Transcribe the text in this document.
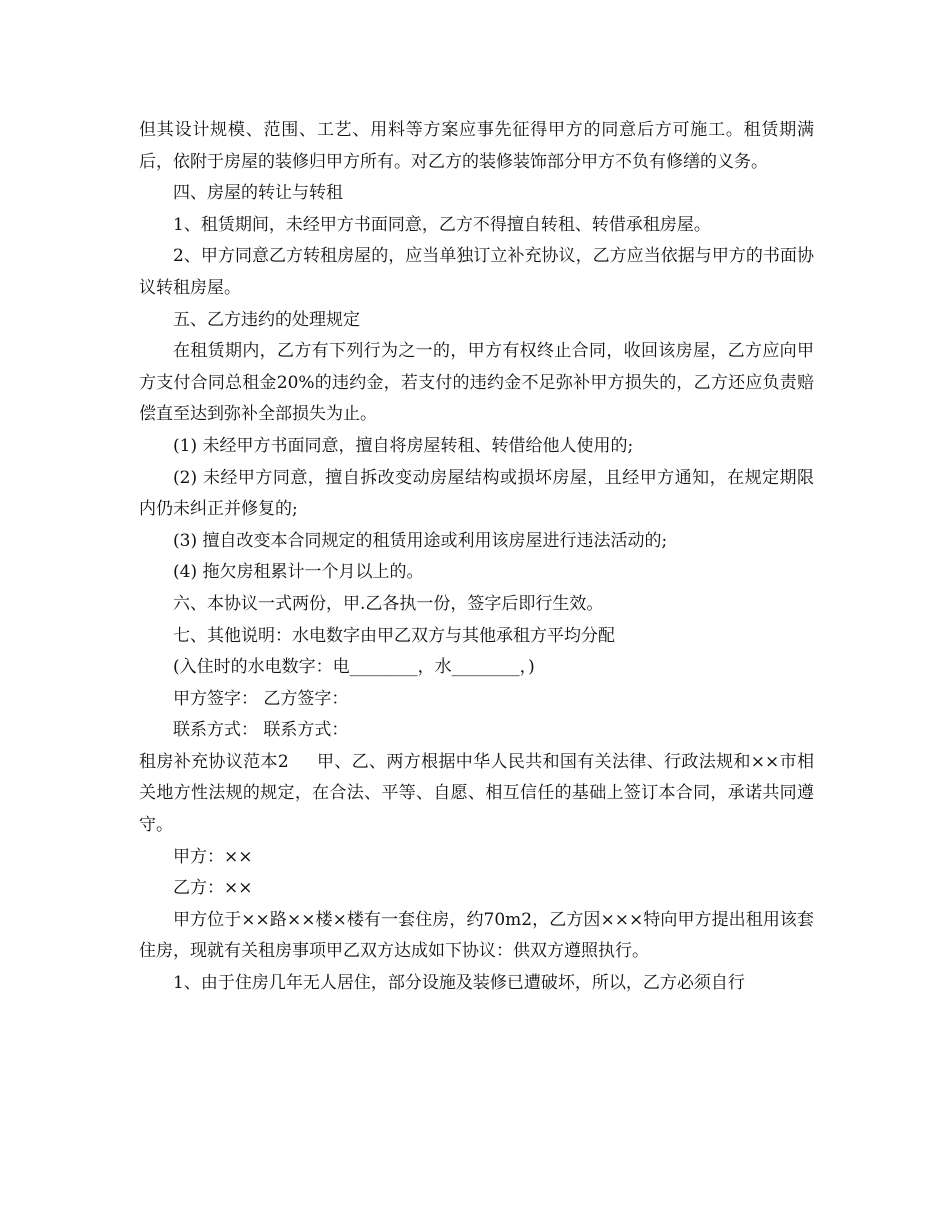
但其设计规模、范围、工艺、用料等方案应事先征得甲方的同意后方可施工。租赁期满后，依附于房屋的装修归甲方所有。对乙方的装修装饰部分甲方不负有修缮的义务。

四、房屋的转让与转租

1、租赁期间，未经甲方书面同意，乙方不得擅自转租、转借承租房屋。

2、甲方同意乙方转租房屋的，应当单独订立补充协议，乙方应当依据与甲方的书面协议转租房屋。

五、乙方违约的处理规定

在租赁期内，乙方有下列行为之一的，甲方有权终止合同，收回该房屋，乙方应向甲方支付合同总租金20%的违约金，若支付的违约金不足弥补甲方损失的，乙方还应负责赔偿直至达到弥补全部损失为止。

(1) 未经甲方书面同意，擅自将房屋转租、转借给他人使用的;

(2) 未经甲方同意，擅自拆改变动房屋结构或损坏房屋，且经甲方通知，在规定期限内仍未纠正并修复的;

(3) 擅自改变本合同规定的租赁用途或利用该房屋进行违法活动的;

(4) 拖欠房租累计一个月以上的。

六、本协议一式两份，甲.乙各执一份，签字后即行生效。

七、其他说明：水电数字由甲乙双方与其他承租方平均分配

(入住时的水电数字：电________，水________，)

甲方签字： 乙方签字：

联系方式： 联系方式：

租房补充协议范本2 甲、乙、两方根据中华人民共和国有关法律、行政法规和××市相关地方性法规的规定，在合法、平等、自愿、相互信任的基础上签订本合同，承诺共同遵守。

甲方：××

乙方：××

甲方位于××路××楼×楼有一套住房，约70m2，乙方因×××特向甲方提出租用该套住房，现就有关租房事项甲乙双方达成如下协议：供双方遵照执行。

1、由于住房几年无人居住，部分设施及装修已遭破坏，所以，乙方必须自行
